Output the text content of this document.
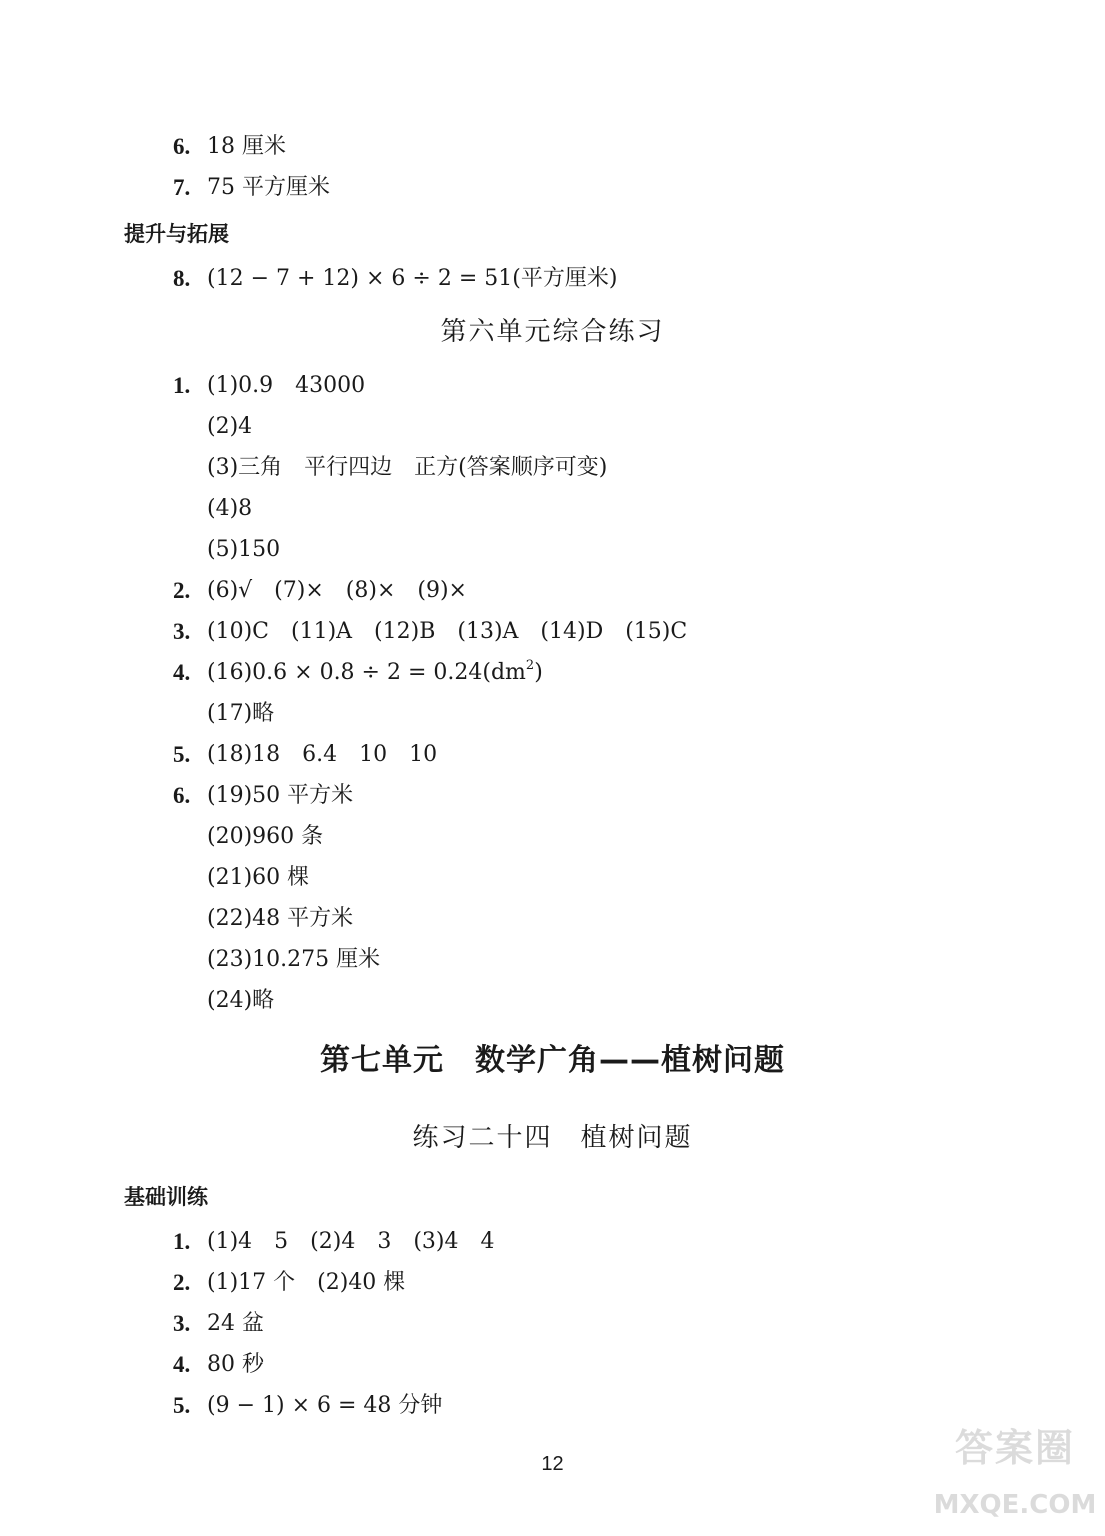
6. 18 厘米
7. 75 平方厘米
提升与拓展
8. (12 − 7 + 12) × 6 ÷ 2 = 51(平方厘米)
第六单元综合练习
1. (1)0.9　43000
(2)4
(3)三角　平行四边　正方(答案顺序可变)
(4)8
(5)150
2. (6)√　(7)×　(8)×　(9)×
3. (10)C　(11)A　(12)B　(13)A　(14)D　(15)C
4. $(16)0.6 \times 0.8 \div 2 = 0.24(dm^2)$
(17)略
5. (18)18　6.4　10　10
6. (19)50 平方米
(20)960 条
(21)60 棵
(22)48 平方米
(23)10.275 厘米
(24)略
第七单元　数学广角——植树问题
练习二十四　植树问题
基础训练
1. (1)4　5　(2)4　3　(3)4　4
2. (1)17 个　(2)40 棵
3. 24 盆
4. 80 秒
5. (9 − 1) × 6 = 48 分钟
12	答案圈
MXQE.COM
